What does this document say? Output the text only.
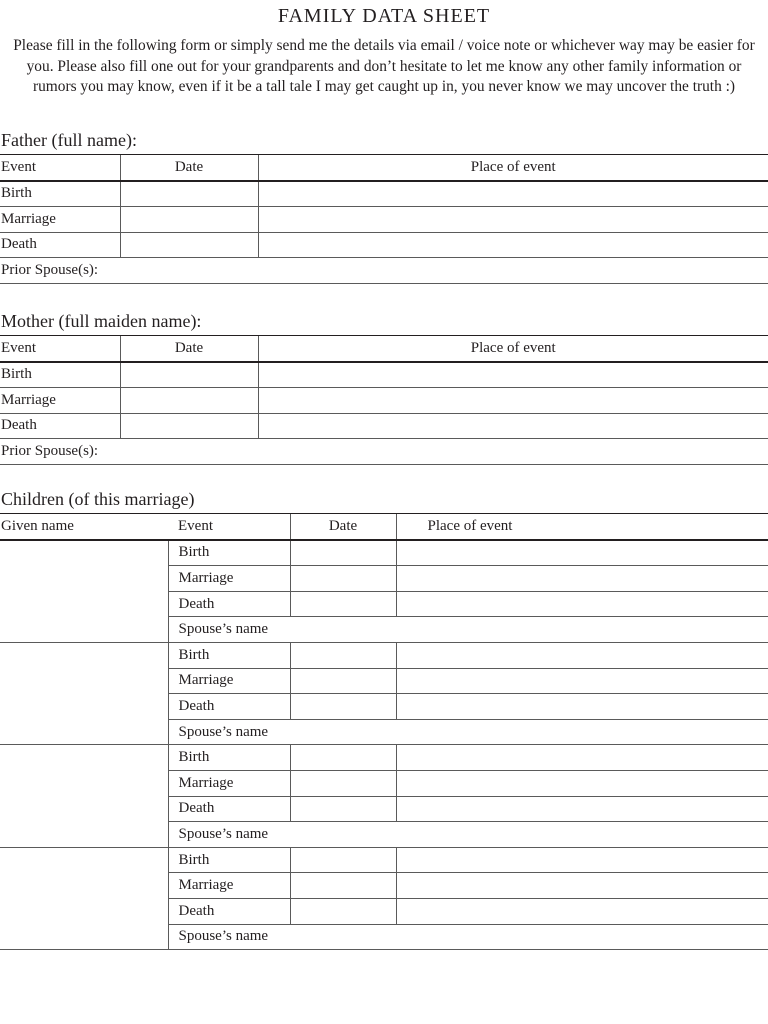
FAMILY DATA SHEET
Please fill in the following form or simply send me the details via email / voice note or whichever way may be easier for you. Please also fill one out for your grandparents and don’t hesitate to let me know any other family information or rumors you may know, even if it be a tall tale I may get caught up in, you never know we may uncover the truth :)
Father (full name):
Event	Date	Place of event
Birth		
Marriage		
Death		
Prior Spouse(s):		
Mother (full maiden name):
Event	Date	Place of event
Birth		
Marriage		
Death		
Prior Spouse(s):		
Children (of this marriage)
Given name	Event	Date	Place of event
	Birth		
	Marriage		
	Death		
	Spouse’s name		
	Birth		
	Marriage		
	Death		
	Spouse’s name		
	Birth		
	Marriage		
	Death		
	Spouse’s name		
	Birth		
	Marriage		
	Death		
	Spouse’s name		
